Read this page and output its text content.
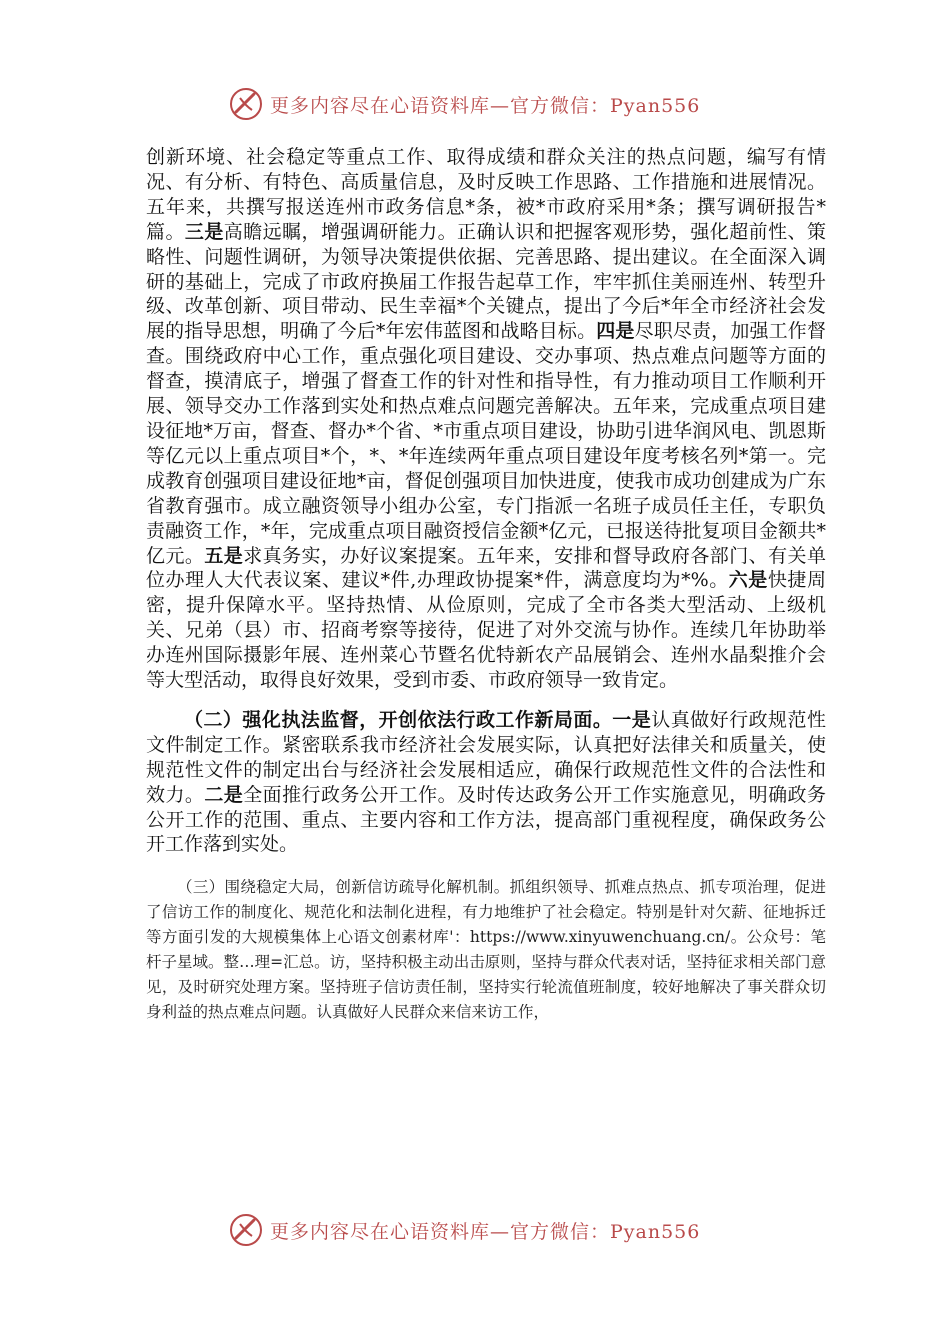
更多内容尽在心语资料库—官方微信：Pyan556

创新环境、社会稳定等重点工作、取得成绩和群众关注的热点问题，编写有情况、有分析、有特色、高质量信息，及时反映工作思路、工作措施和进展情况。五年来，共撰写报送连州市政务信息*条，被*市政府采用*条；撰写调研报告*篇。三是高瞻远瞩，增强调研能力。正确认识和把握客观形势，强化超前性、策略性、问题性调研，为领导决策提供依据、完善思路、提出建议。在全面深入调研的基础上，完成了市政府换届工作报告起草工作，牢牢抓住美丽连州、转型升级、改革创新、项目带动、民生幸福*个关键点，提出了今后*年全市经济社会发展的指导思想，明确了今后*年宏伟蓝图和战略目标。四是尽职尽责，加强工作督查。围绕政府中心工作，重点强化项目建设、交办事项、热点难点问题等方面的督查，摸清底子，增强了督查工作的针对性和指导性，有力推动项目工作顺利开展、领导交办工作落到实处和热点难点问题完善解决。五年来，完成重点项目建设征地*万亩，督查、督办*个省、*市重点项目建设，协助引进华润风电、凯恩斯等亿元以上重点项目*个，*、*年连续两年重点项目建设年度考核名列*第一。完成教育创强项目建设征地*亩，督促创强项目加快进度，使我市成功创建成为广东省教育强市。成立融资领导小组办公室，专门指派一名班子成员任主任，专职负责融资工作，*年，完成重点项目融资授信金额*亿元，已报送待批复项目金额共*亿元。五是求真务实，办好议案提案。五年来，安排和督导政府各部门、有关单位办理人大代表议案、建议*件,办理政协提案*件，满意度均为*%。六是快捷周密，提升保障水平。坚持热情、从俭原则，完成了全市各类大型活动、上级机关、兄弟（县）市、招商考察等接待，促进了对外交流与协作。连续几年协助举办连州国际摄影年展、连州菜心节暨名优特新农产品展销会、连州水晶梨推介会等大型活动，取得良好效果，受到市委、市政府领导一致肯定。

（二）强化执法监督，开创依法行政工作新局面。一是认真做好行政规范性文件制定工作。紧密联系我市经济社会发展实际，认真把好法律关和质量关，使规范性文件的制定出台与经济社会发展相适应，确保行政规范性文件的合法性和效力。二是全面推行政务公开工作。及时传达政务公开工作实施意见，明确政务公开工作的范围、重点、主要内容和工作方法，提高部门重视程度，确保政务公开工作落到实处。

（三）围绕稳定大局，创新信访疏导化解机制。抓组织领导、抓难点热点、抓专项治理，促进了信访工作的制度化、规范化和法制化进程，有力地维护了社会稳定。特别是针对欠薪、征地拆迁等方面引发的大规模集体上心语文创素材库'：https://www.xinyuwenchuang.cn/。公众号：笔杆子星域。整…理=汇总。访，坚持积极主动出击原则，坚持与群众代表对话，坚持征求相关部门意见，及时研究处理方案。坚持班子信访责任制，坚持实行轮流值班制度，较好地解决了事关群众切身利益的热点难点问题。认真做好人民群众来信来访工作，

更多内容尽在心语资料库—官方微信：Pyan556
